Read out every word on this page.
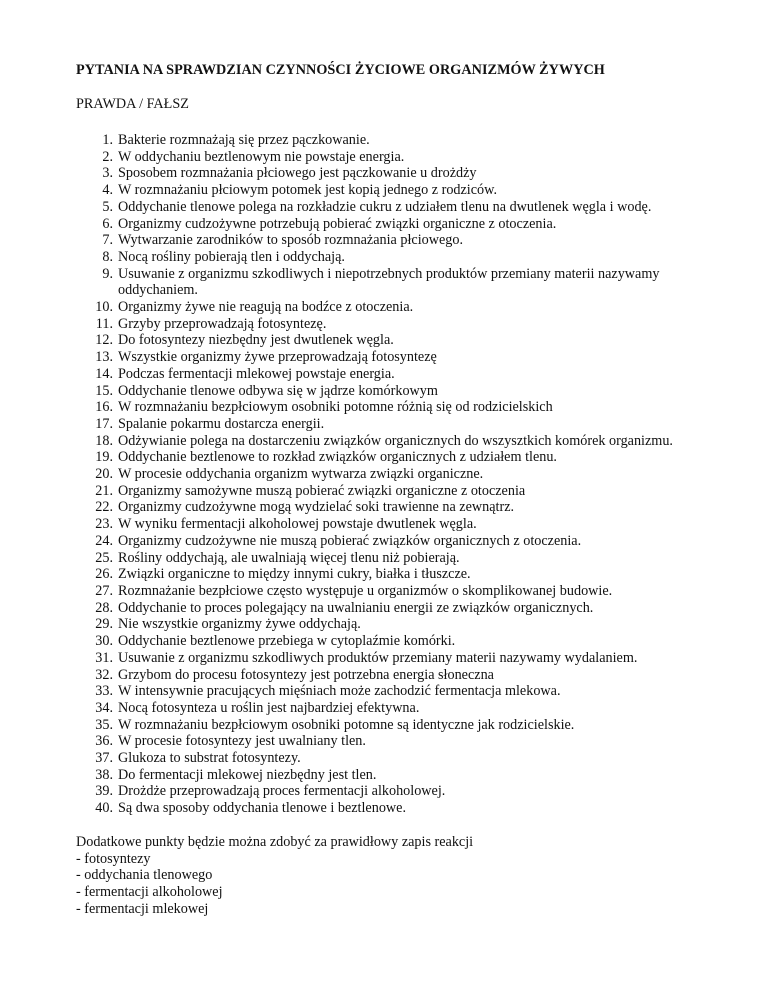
PYTANIA NA SPRAWDZIAN CZYNNOŚCI ŻYCIOWE ORGANIZMÓW ŻYWYCH
PRAWDA / FAŁSZ
1. Bakterie rozmnażają się przez pączkowanie.
2. W oddychaniu beztlenowym nie powstaje energia.
3. Sposobem rozmnażania płciowego jest pączkowanie u drożdży
4. W rozmnażaniu płciowym potomek jest kopią jednego z rodziców.
5. Oddychanie tlenowe polega na rozkładzie cukru z udziałem tlenu na dwutlenek węgla i wodę.
6. Organizmy cudzożywne potrzebują pobierać związki organiczne z otoczenia.
7. Wytwarzanie zarodników to sposób rozmnażania płciowego.
8. Nocą rośliny pobierają tlen i oddychają.
9. Usuwanie z organizmu szkodliwych i niepotrzebnych produktów przemiany materii nazywamy oddychaniem.
10. Organizmy żywe nie reagują na bodźce z otoczenia.
11. Grzyby przeprowadzają fotosyntezę.
12. Do fotosyntezy niezbędny jest dwutlenek węgla.
13. Wszystkie organizmy żywe przeprowadzają fotosyntezę
14. Podczas fermentacji mlekowej powstaje energia.
15. Oddychanie tlenowe odbywa się w jądrze komórkowym
16. W rozmnażaniu bezpłciowym osobniki potomne różnią się od rodzicielskich
17. Spalanie pokarmu dostarcza energii.
18. Odżywianie polega na dostarczeniu związków organicznych do wszysztkich komórek organizmu.
19. Oddychanie beztlenowe to rozkład związków organicznych z udziałem tlenu.
20. W procesie oddychania organizm wytwarza związki organiczne.
21. Organizmy samożywne muszą pobierać związki organiczne z otoczenia
22. Organizmy cudzożywne mogą wydzielać soki trawienne na zewnątrz.
23. W wyniku fermentacji alkoholowej powstaje dwutlenek węgla.
24. Organizmy cudzożywne nie muszą pobierać związków organicznych z otoczenia.
25. Rośliny oddychają, ale uwalniają więcej tlenu niż pobierają.
26. Związki organiczne to między innymi cukry, białka i tłuszcze.
27. Rozmnażanie bezpłciowe często występuje u organizmów o skomplikowanej budowie.
28. Oddychanie to proces polegający na uwalnianiu energii ze związków organicznych.
29. Nie wszystkie organizmy żywe oddychają.
30. Oddychanie beztlenowe przebiega w cytoplaźmie komórki.
31. Usuwanie z organizmu szkodliwych produktów przemiany materii nazywamy wydalaniem.
32. Grzybom do procesu fotosyntezy jest potrzebna energia słoneczna
33. W intensywnie pracujących mięśniach może zachodzić fermentacja mlekowa.
34. Nocą fotosynteza u roślin jest najbardziej efektywna.
35. W rozmnażaniu bezpłciowym osobniki potomne są identyczne jak rodzicielskie.
36. W procesie fotosyntezy jest uwalniany tlen.
37. Glukoza to substrat fotosyntezy.
38. Do fermentacji mlekowej niezbędny jest tlen.
39. Drożdże przeprowadzają proces fermentacji alkoholowej.
40. Są dwa sposoby oddychania tlenowe i beztlenowe.
Dodatkowe punkty będzie można zdobyć za prawidłowy zapis reakcji
- fotosyntezy
- oddychania tlenowego
- fermentacji alkoholowej
- fermentacji mlekowej
